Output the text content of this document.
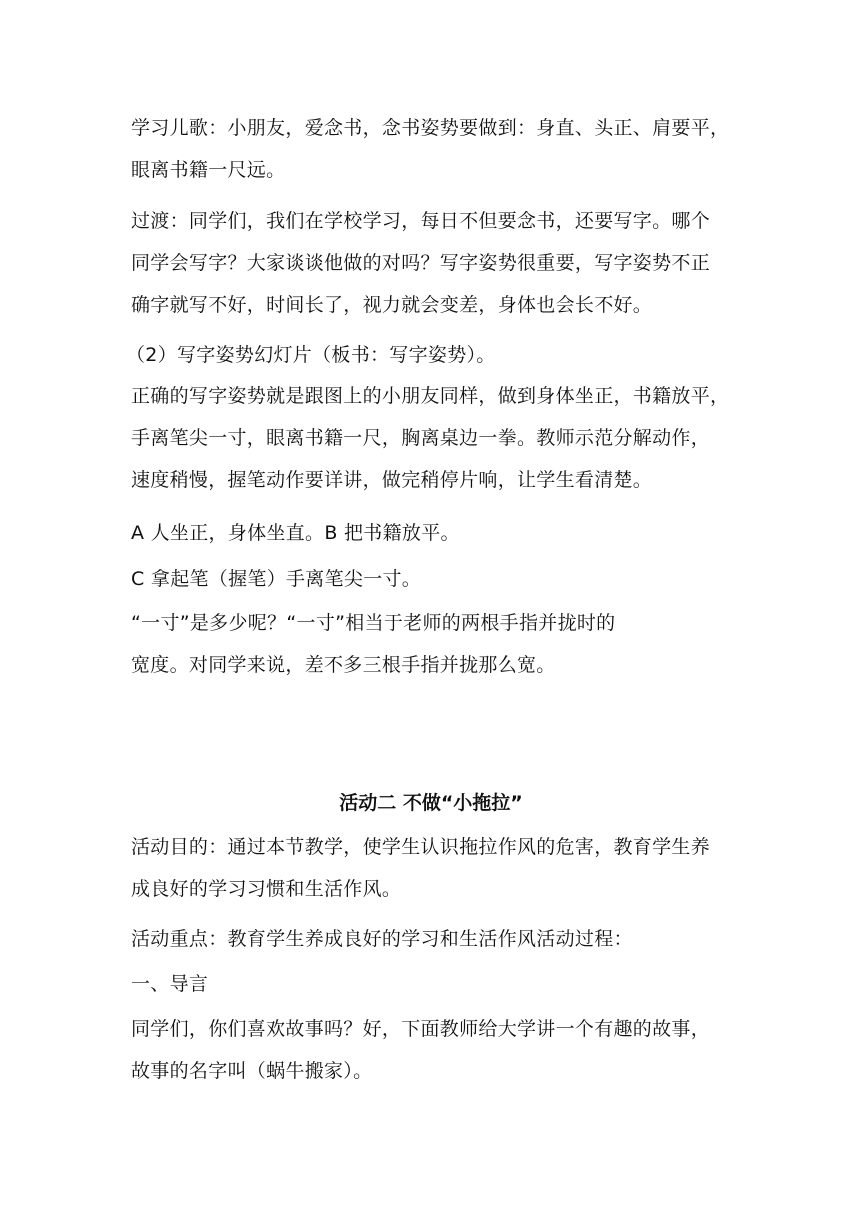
学习儿歌：小朋友，爱念书，念书姿势要做到：身直、头正、肩要平，
眼离书籍一尺远。

过渡：同学们，我们在学校学习，每日不但要念书，还要写字。哪个
同学会写字？大家谈谈他做的对吗？写字姿势很重要，写字姿势不正
确字就写不好，时间长了，视力就会变差，身体也会长不好。

（2）写字姿势幻灯片（板书：写字姿势）。

正确的写字姿势就是跟图上的小朋友同样，做到身体坐正，书籍放平，
手离笔尖一寸，眼离书籍一尺，胸离桌边一拳。教师示范分解动作，
速度稍慢，握笔动作要详讲，做完稍停片响，让学生看清楚。

A 人坐正，身体坐直。B 把书籍放平。

C 拿起笔（握笔）手离笔尖一寸。

“一寸”是多少呢？“一寸”相当于老师的两根手指并拢时的
宽度。对同学来说，差不多三根手指并拢那么宽。

活动二 不做“小拖拉”

活动目的：通过本节教学，使学生认识拖拉作风的危害，教育学生养
成良好的学习习惯和生活作风。

活动重点：教育学生养成良好的学习和生活作风活动过程：

一、导言

同学们，你们喜欢故事吗？好，下面教师给大学讲一个有趣的故事，
故事的名字叫（蜗牛搬家）。
